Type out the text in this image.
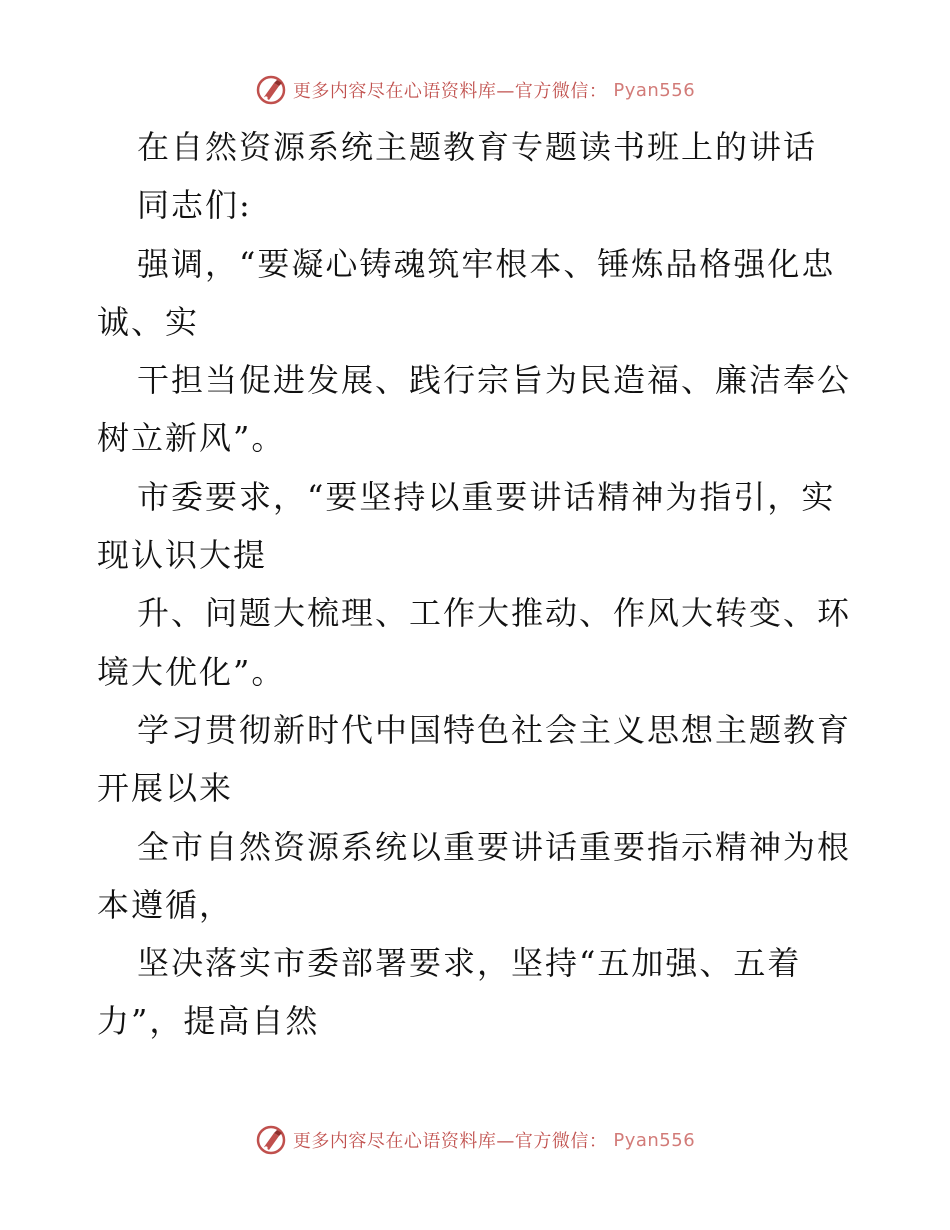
更多内容尽在心语资料库—官方微信： Pyan556
在自然资源系统主题教育专题读书班上的讲话
同志们:
强调，“要凝心铸魂筑牢根本、锤炼品格强化忠
诚、实
干担当促进发展、践行宗旨为民造福、廉洁奉公
树立新风”。
市委要求，“要坚持以重要讲话精神为指引，实
现认识大提
升、问题大梳理、工作大推动、作风大转变、环
境大优化”。
学习贯彻新时代中国特色社会主义思想主题教育
开展以来
全市自然资源系统以重要讲话重要指示精神为根
本遵循，
坚决落实市委部署要求，坚持“五加强、五着
力”，提高自然
更多内容尽在心语资料库—官方微信： Pyan556
